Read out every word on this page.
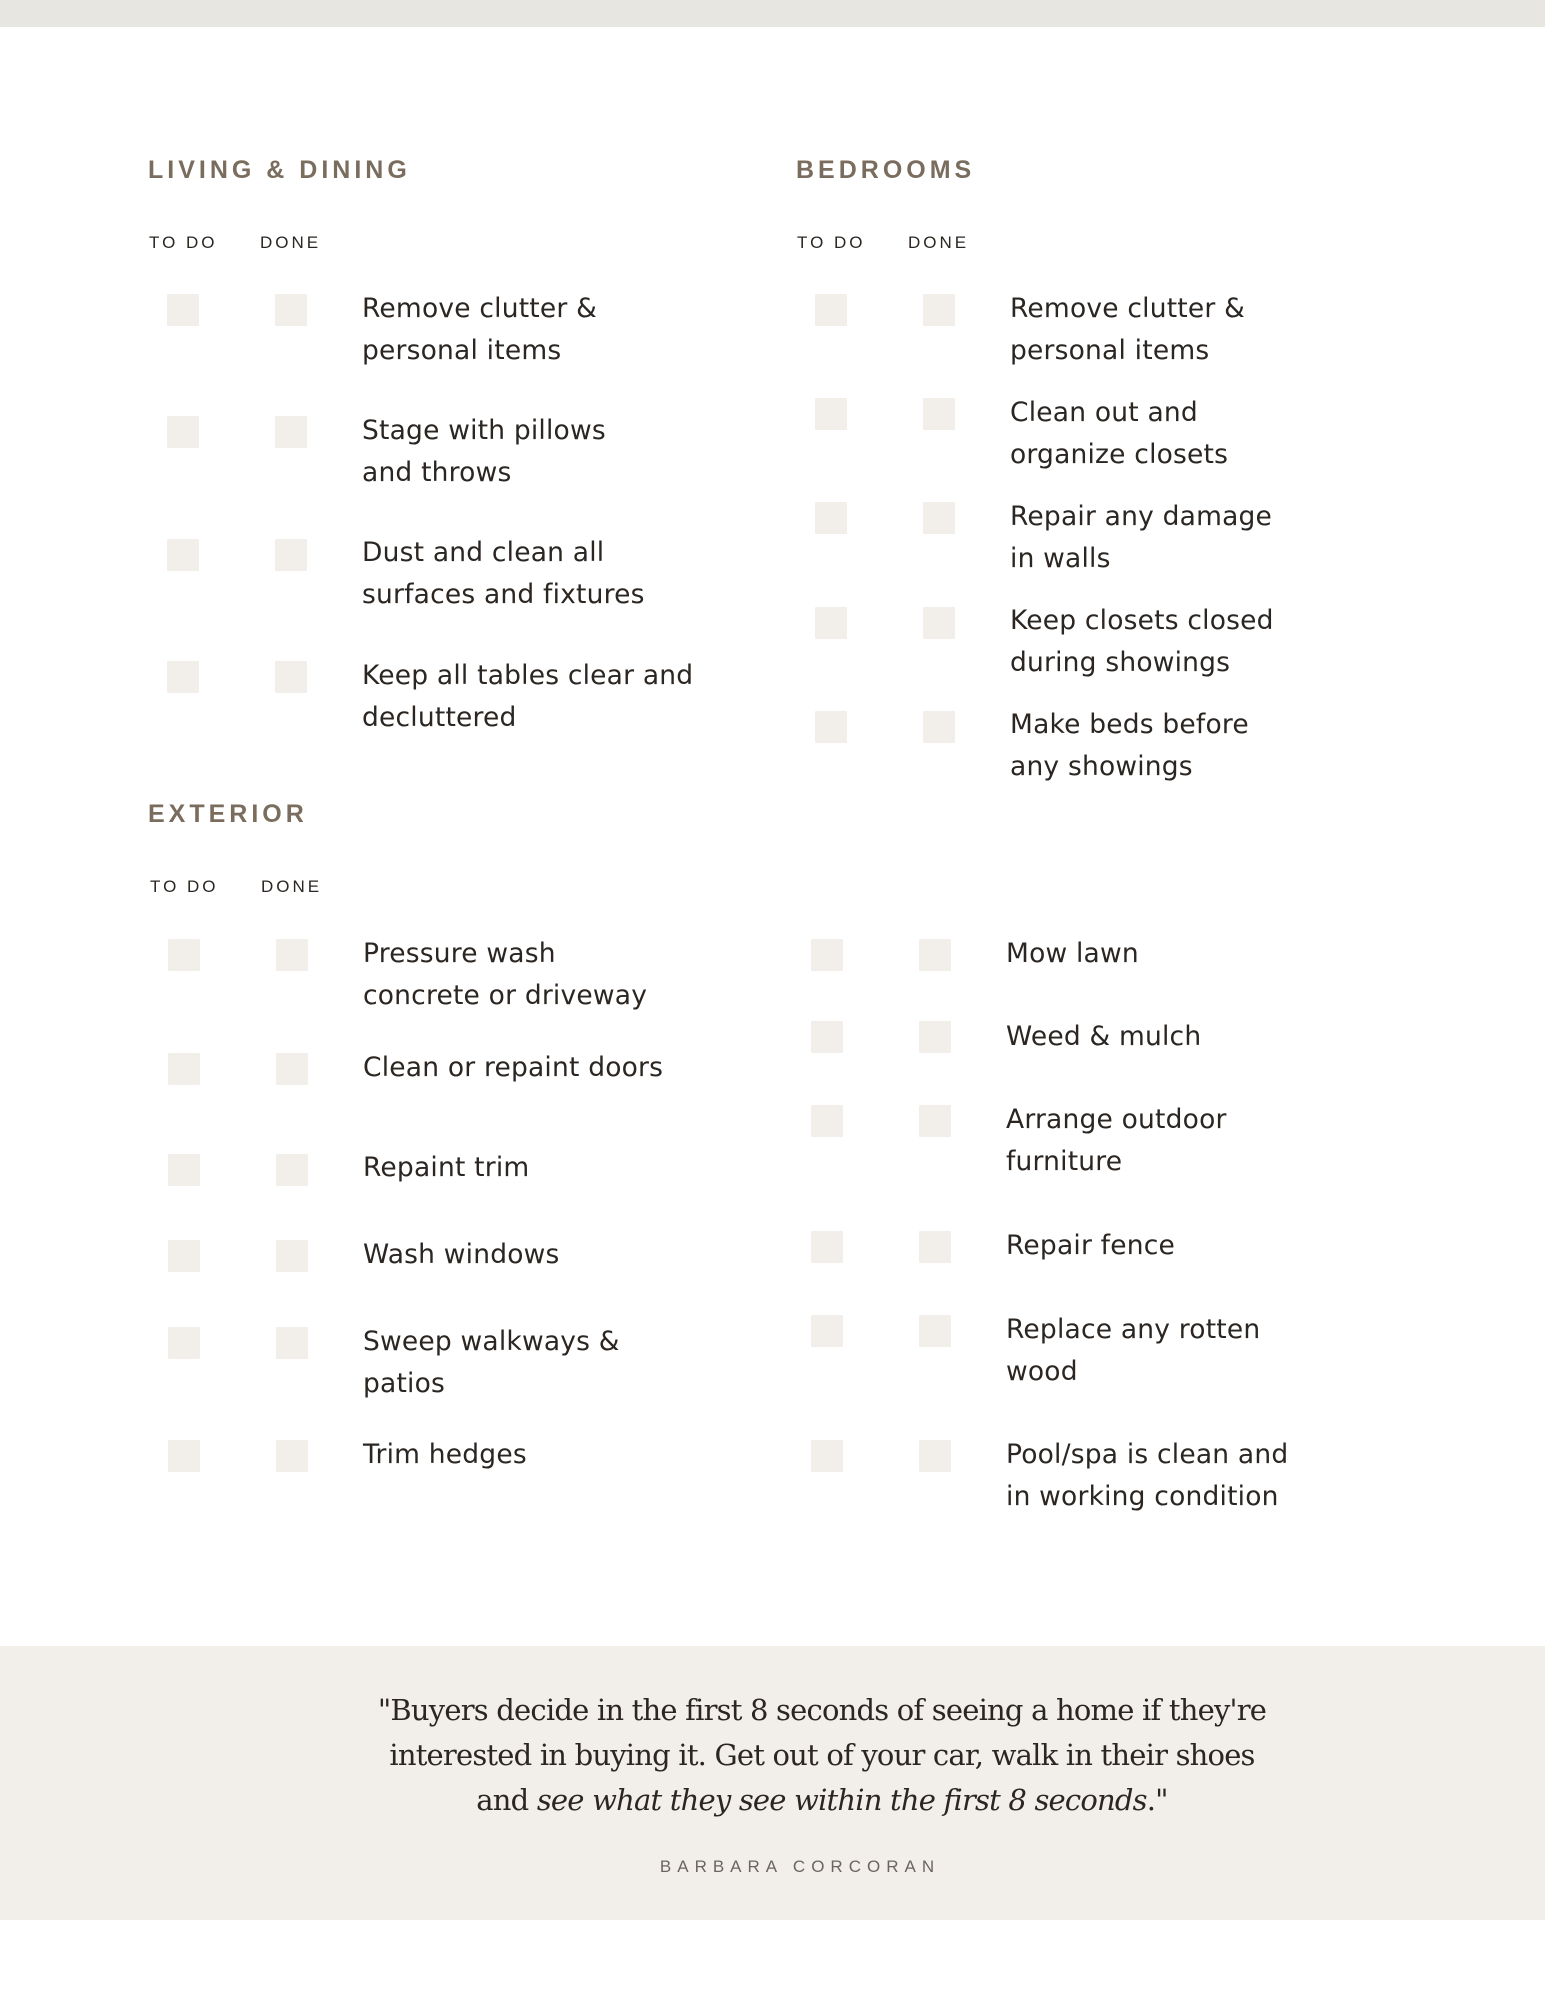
LIVING & DINING
TO DO DONE
Remove clutter &
personal items
Stage with pillows
and throws
Dust and clean all
surfaces and fixtures
Keep all tables clear and
decluttered
BEDROOMS
TO DO DONE
Remove clutter &
personal items
Clean out and
organize closets
Repair any damage
in walls
Keep closets closed
during showings
Make beds before
any showings
EXTERIOR
TO DO DONE
Pressure wash
concrete or driveway
Clean or repaint doors
Repaint trim
Wash windows
Sweep walkways &
patios
Trim hedges
Mow lawn
Weed & mulch
Arrange outdoor
furniture
Repair fence
Replace any rotten
wood
Pool/spa is clean and
in working condition
"Buyers decide in the first 8 seconds of seeing a home if they're interested in buying it. Get out of your car, walk in their shoes and see what they see within the first 8 seconds."
BARBARA CORCORAN
